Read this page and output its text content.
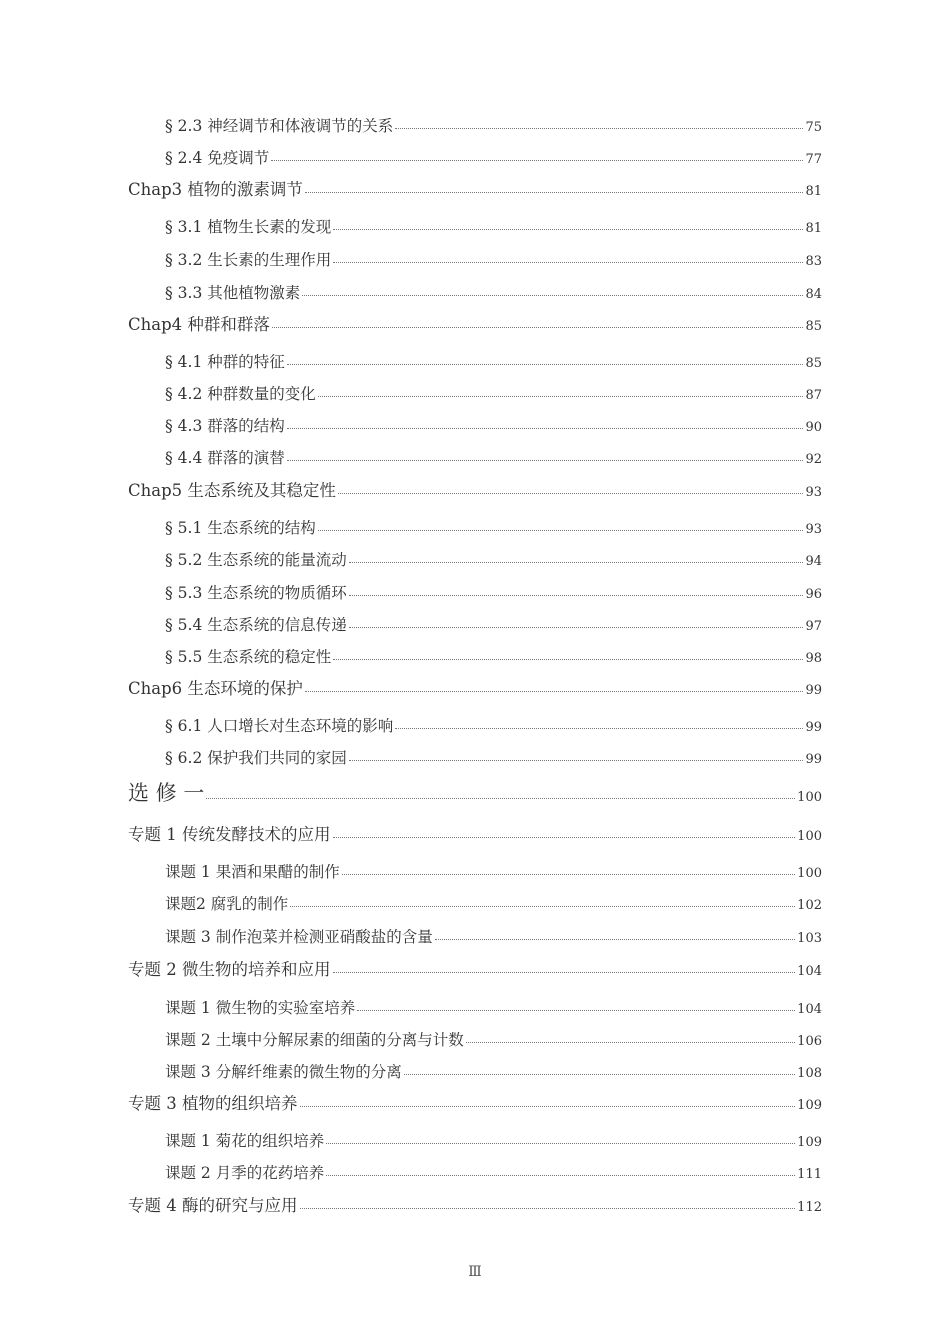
§ 2.3 神经调节和体液调节的关系	75
§ 2.4 免疫调节	77
Chap3 植物的激素调节	81
§ 3.1 植物生长素的发现	81
§ 3.2 生长素的生理作用	83
§ 3.3 其他植物激素	84
Chap4 种群和群落	85
§ 4.1 种群的特征	85
§ 4.2 种群数量的变化	87
§ 4.3 群落的结构	90
§ 4.4 群落的演替	92
Chap5 生态系统及其稳定性	93
§ 5.1 生态系统的结构	93
§ 5.2 生态系统的能量流动	94
§ 5.3 生态系统的物质循环	96
§ 5.4 生态系统的信息传递	97
§ 5.5 生态系统的稳定性	98
Chap6 生态环境的保护	99
§ 6.1 人口增长对生态环境的影响	99
§ 6.2 保护我们共同的家园	99
选 修 一	100
专题 1 传统发酵技术的应用	100
课题 1 果酒和果醋的制作	100
课题2 腐乳的制作	102
课题 3 制作泡菜并检测亚硝酸盐的含量	103
专题 2 微生物的培养和应用	104
课题 1 微生物的实验室培养	104
课题 2 土壤中分解尿素的细菌的分离与计数	106
课题 3 分解纤维素的微生物的分离	108
专题 3 植物的组织培养	109
课题 1 菊花的组织培养	109
课题 2 月季的花药培养	111
专题 4 酶的研究与应用	112
Ⅲ
